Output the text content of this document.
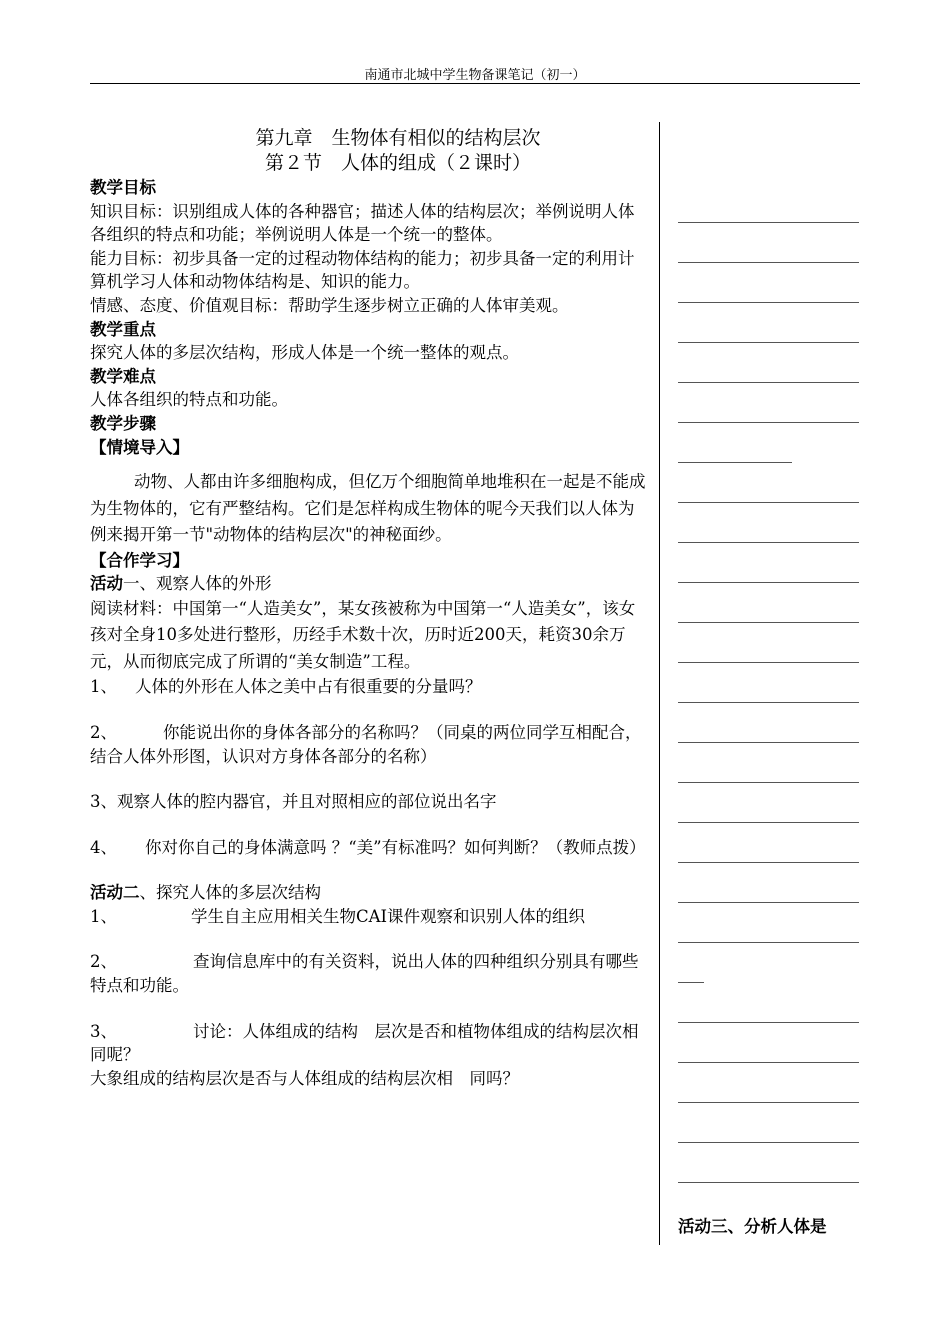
南通市北城中学生物备课笔记（初一）
第九章　生物体有相似的结构层次
第２节　人体的组成（２课时）

教学目标

知识目标：识别组成人体的各种器官；描述人体的结构层次；举例说明人体各组织的特点和功能；举例说明人体是一个统一的整体。

能力目标：初步具备一定的过程动物体结构的能力；初步具备一定的利用计算机学习人体和动物体结构是、知识的能力。

情感、态度、价值观目标：帮助学生逐步树立正确的人体审美观。

教学重点

探究人体的多层次结构，形成人体是一个统一整体的观点。

教学难点

人体各组织的特点和功能。

教学步骤

【情境导入】

动物、人都由许多细胞构成，但亿万个细胞简单地堆积在一起是不能成为生物体的，它有严整结构。它们是怎样构成生物体的呢今天我们以人体为例来揭开第一节"动物体的结构层次"的神秘面纱。

【合作学习】

活动一、观察人体的外形

阅读材料：中国第一“人造美女”，某女孩被称为中国第一“人造美女”，该女孩对全身10多处进行整形，历经手术数十次，历时近200天，耗资30余万元，从而彻底完成了所谓的“美女制造”工程。

1、 人体的外形在人体之美中占有很重要的分量吗？

2、	你能说出你的身体各部分的名称吗？（同桌的两位同学互相配合，结合人体外形图，认识对方身体各部分的名称）

3、观察人体的腔内器官，并且对照相应的部位说出名字

4、 你对你自己的身体满意吗 ？“美”有标准吗？如何判断？（教师点拨）

活动二、探究人体的多层次结构

1、	学生自主应用相关生物CAI课件观察和识别人体的组织

2、	查询信息库中的有关资料，说出人体的四种组织分别具有哪些特点和功能。

3、	讨论：人体组成的结构　层次是否和植物体组成的结构层次相同呢？

大象组成的结构层次是否与人体组成的结构层次相　同吗？

活动三、分析人体是
